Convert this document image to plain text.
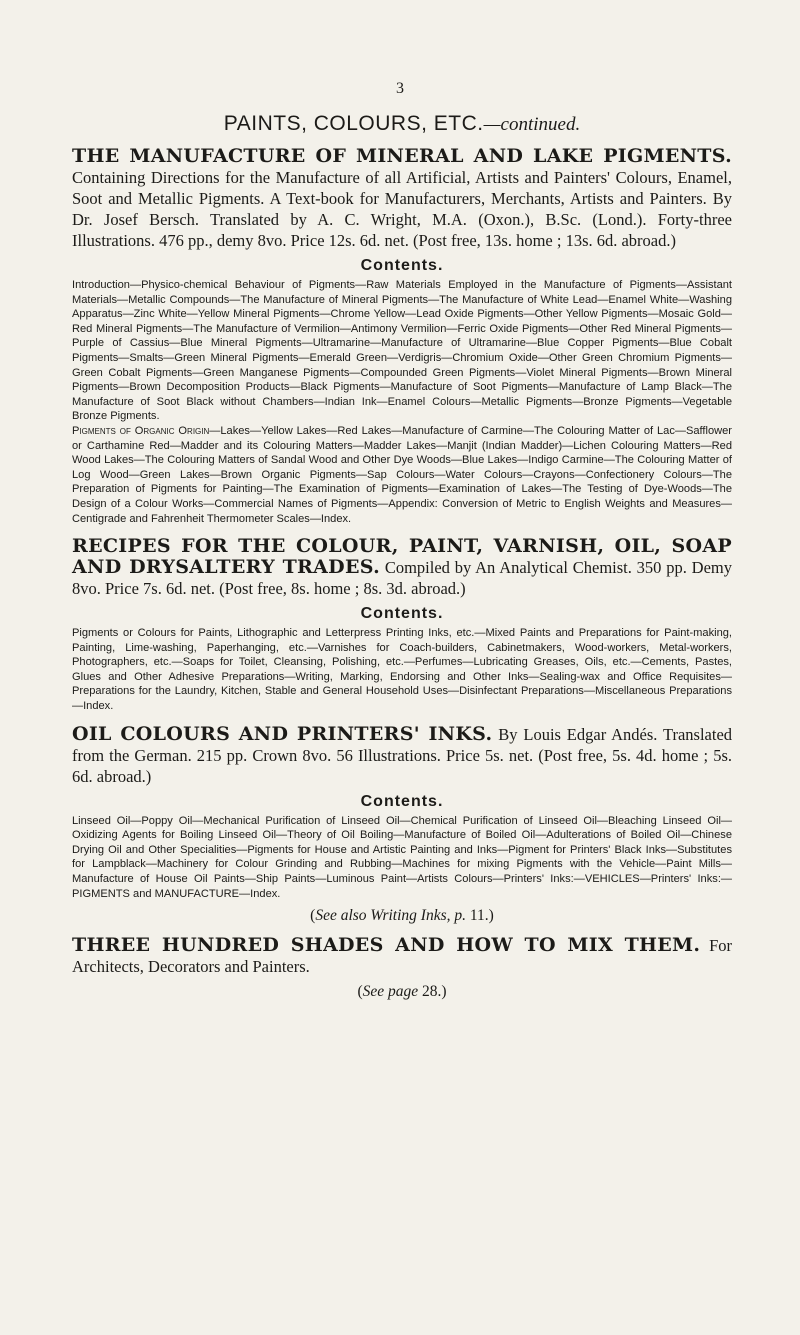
3
PAINTS, COLOURS, ETC.—continued.

THE MANUFACTURE OF MINERAL AND LAKE PIGMENTS. Containing Directions for the Manufacture of all Artificial, Artists and Painters' Colours, Enamel, Soot and Metallic Pigments. A Text-book for Manufacturers, Merchants, Artists and Painters. By Dr. Josef Bersch. Translated by A. C. Wright, M.A. (Oxon.), B.Sc. (Lond.). Forty-three Illustrations. 476 pp., demy 8vo. Price 12s. 6d. net. (Post free, 13s. home ; 13s. 6d. abroad.)

Contents.

Introduction—Physico-chemical Behaviour of Pigments—Raw Materials Employed in the Manufacture of Pigments—Assistant Materials—Metallic Compounds—The Manufacture of Mineral Pigments—The Manufacture of White Lead—Enamel White—Washing Apparatus—Zinc White—Yellow Mineral Pigments—Chrome Yellow—Lead Oxide Pigments—Other Yellow Pigments—Mosaic Gold—Red Mineral Pigments—The Manufacture of Vermilion—Antimony Vermilion—Ferric Oxide Pigments—Other Red Mineral Pigments—Purple of Cassius—Blue Mineral Pigments—Ultramarine—Manufacture of Ultramarine—Blue Copper Pigments—Blue Cobalt Pigments—Smalts—Green Mineral Pigments—Emerald Green—Verdigris—Chromium Oxide—Other Green Chromium Pigments—Green Cobalt Pigments—Green Manganese Pigments—Compounded Green Pigments—Violet Mineral Pigments—Brown Mineral Pigments—Brown Decomposition Products—Black Pigments—Manufacture of Soot Pigments—Manufacture of Lamp Black—The Manufacture of Soot Black without Chambers—Indian Ink—Enamel Colours—Metallic Pigments—Bronze Pigments—Vegetable Bronze Pigments.

Pigments of Organic Origin—Lakes—Yellow Lakes—Red Lakes—Manufacture of Carmine—The Colouring Matter of Lac—Safflower or Carthamine Red—Madder and its Colouring Matters—Madder Lakes—Manjit (Indian Madder)—Lichen Colouring Matters—Red Wood Lakes—The Colouring Matters of Sandal Wood and Other Dye Woods—Blue Lakes—Indigo Carmine—The Colouring Matter of Log Wood—Green Lakes—Brown Organic Pigments—Sap Colours—Water Colours—Crayons—Confectionery Colours—The Preparation of Pigments for Painting—The Examination of Pigments—Examination of Lakes—The Testing of Dye-Woods—The Design of a Colour Works—Commercial Names of Pigments—Appendix: Conversion of Metric to English Weights and Measures—Centigrade and Fahrenheit Thermometer Scales—Index.

RECIPES FOR THE COLOUR, PAINT, VARNISH, OIL, SOAP AND DRYSALTERY TRADES. Compiled by An Analytical Chemist. 350 pp. Demy 8vo. Price 7s. 6d. net. (Post free, 8s. home ; 8s. 3d. abroad.)

Contents.

Pigments or Colours for Paints, Lithographic and Letterpress Printing Inks, etc.—Mixed Paints and Preparations for Paint-making, Painting, Lime-washing, Paperhanging, etc.—Varnishes for Coach-builders, Cabinetmakers, Wood-workers, Metal-workers, Photographers, etc.—Soaps for Toilet, Cleansing, Polishing, etc.—Perfumes—Lubricating Greases, Oils, etc.—Cements, Pastes, Glues and Other Adhesive Preparations—Writing, Marking, Endorsing and Other Inks—Sealing-wax and Office Requisites—Preparations for the Laundry, Kitchen, Stable and General Household Uses—Disinfectant Preparations—Miscellaneous Preparations—Index.

OIL COLOURS AND PRINTERS' INKS. By Louis Edgar Andés. Translated from the German. 215 pp. Crown 8vo. 56 Illustrations. Price 5s. net. (Post free, 5s. 4d. home ; 5s. 6d. abroad.)

Contents.

Linseed Oil—Poppy Oil—Mechanical Purification of Linseed Oil—Chemical Purification of Linseed Oil—Bleaching Linseed Oil—Oxidizing Agents for Boiling Linseed Oil—Theory of Oil Boiling—Manufacture of Boiled Oil—Adulterations of Boiled Oil—Chinese Drying Oil and Other Specialities—Pigments for House and Artistic Painting and Inks—Pigment for Printers' Black Inks—Substitutes for Lampblack—Machinery for Colour Grinding and Rubbing—Machines for mixing Pigments with the Vehicle—Paint Mills—Manufacture of House Oil Paints—Ship Paints—Luminous Paint—Artists Colours—Printers' Inks:—VEHICLES—Printers' Inks:—PIGMENTS and MANUFACTURE—Index.

(See also Writing Inks, p. 11.)

THREE HUNDRED SHADES AND HOW TO MIX THEM. For Architects, Decorators and Painters.

(See page 28.)
